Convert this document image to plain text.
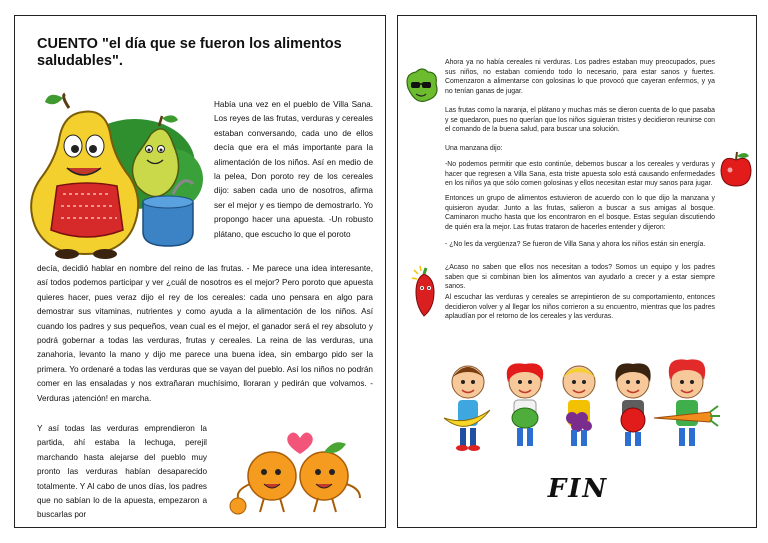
CUENTO "el día que se fueron los alimentos saludables".

Había una vez en el pueblo de Villa Sana. Los reyes de las frutas, verduras y cereales estaban conversando, cada uno de ellos decía que era el más importante para la alimentación de los niños. Así en medio de la pelea, Don poroto rey de los cereales dijo: saben cada uno de nosotros, afirma ser el mejor y es tiempo de demostrarlo. Yo propongo hacer una apuesta. -Un robusto plátano, que escucho lo que el poroto

decía, decidió hablar en nombre del reino de las frutas. - Me parece una idea interesante, así todos podemos participar y ver ¿cuál de nosotros es el mejor? Pero poroto que apuesta quieres hacer, pues veraz dijo el rey de los cereales: cada uno pensara en algo para demostrar sus vitaminas, nutrientes y como ayuda a la alimentación de los niños. Así cuando los padres y sus pequeños, vean cual es el mejor, el ganador será el rey absoluto y podrá gobernar a todas las verduras, frutas y cereales. La reina de las verduras, una zanahoria, levanto la mano y dijo me parece una buena idea, sin embargo pido ser la primera. Yo ordenaré a todas las verduras que se vayan del pueblo. Así los niños no podrán comer en las ensaladas y nos extrañaran muchísimo, lloraran y pedirán que volvamos. -Verduras ¡atención! en marcha.

Y así todas las verduras emprendieron la partida, ahí estaba la lechuga, perejil marchando hasta alejarse del pueblo muy pronto las verduras habían desaparecido totalmente. Y Al cabo de unos días, los padres que no sabían lo de la apuesta, empezaron a buscarlas por

Ahora ya no había cereales ni verduras. Los padres estaban muy preocupados, pues sus niños, no estaban comiendo todo lo necesario, para estar sanos y fuertes. Comenzaron a alimentarse con golosinas lo que provocó que cayeran enfermos, y ya no tenían ganas de jugar.

Las frutas como la naranja, el plátano y muchas más se dieron cuenta de lo que pasaba y se quedaron, pues no querían que los niños siguieran tristes y decidieron reunirse con el comando de la buena salud, para buscar una solución.

Una manzana dijo:

-No podemos permitir que esto continúe, debemos buscar a los cereales y verduras y hacer que regresen a Villa Sana, esta triste apuesta solo está causando enfermedades en los niños ya que sólo comen golosinas y ellos necesitan estar muy sanos para jugar.

Entonces un grupo de alimentos estuvieron de acuerdo con lo que dijo la manzana y quisieron ayudar. Junto a las frutas, salieron a buscar a sus amigas al bosque. Caminaron mucho hasta que los encontraron en el bosque. Estas seguían discutiendo de quién era la mejor. Las frutas trataron de hacerles entender y dijeron:

- ¿No les da vergüenza? Se fueron de Villa Sana y ahora los niños están sin energía.

¿Acaso no saben que ellos nos necesitan a todos? Somos un equipo y los padres saben que si combinan bien los alimentos van ayudarlo a crecer y a estar siempre sanos.

Al escuchar las verduras y cereales se arrepintieron de su comportamiento, entonces decidieron volver y al llegar los niños corrieron a su encuentro, mientras que los padres aplaudían por el retorno de los cereales y las verduras.

FIN
